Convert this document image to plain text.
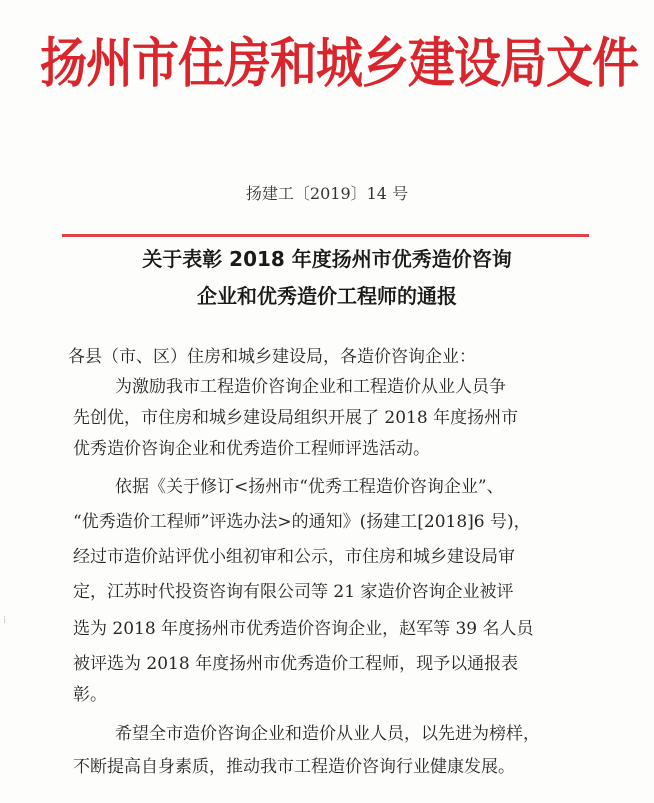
扬州市住房和城乡建设局文件
扬建工〔2019〕14 号
关于表彰 2018 年度扬州市优秀造价咨询
企业和优秀造价工程师的通报
各县（市、区）住房和城乡建设局，各造价咨询企业：
为激励我市工程造价咨询企业和工程造价从业人员争
先创优，市住房和城乡建设局组织开展了 2018 年度扬州市
优秀造价咨询企业和优秀造价工程师评选活动。
依据《关于修订<扬州市“优秀工程造价咨询企业”、
“优秀造价工程师”评选办法>的通知》(扬建工[2018]6 号)，
经过市造价站评优小组初审和公示，市住房和城乡建设局审
定，江苏时代投资咨询有限公司等 21 家造价咨询企业被评
选为 2018 年度扬州市优秀造价咨询企业，赵军等 39 名人员
被评选为 2018 年度扬州市优秀造价工程师，现予以通报表
彰。
希望全市造价咨询企业和造价从业人员，以先进为榜样，
不断提高自身素质，推动我市工程造价咨询行业健康发展。
⁞
